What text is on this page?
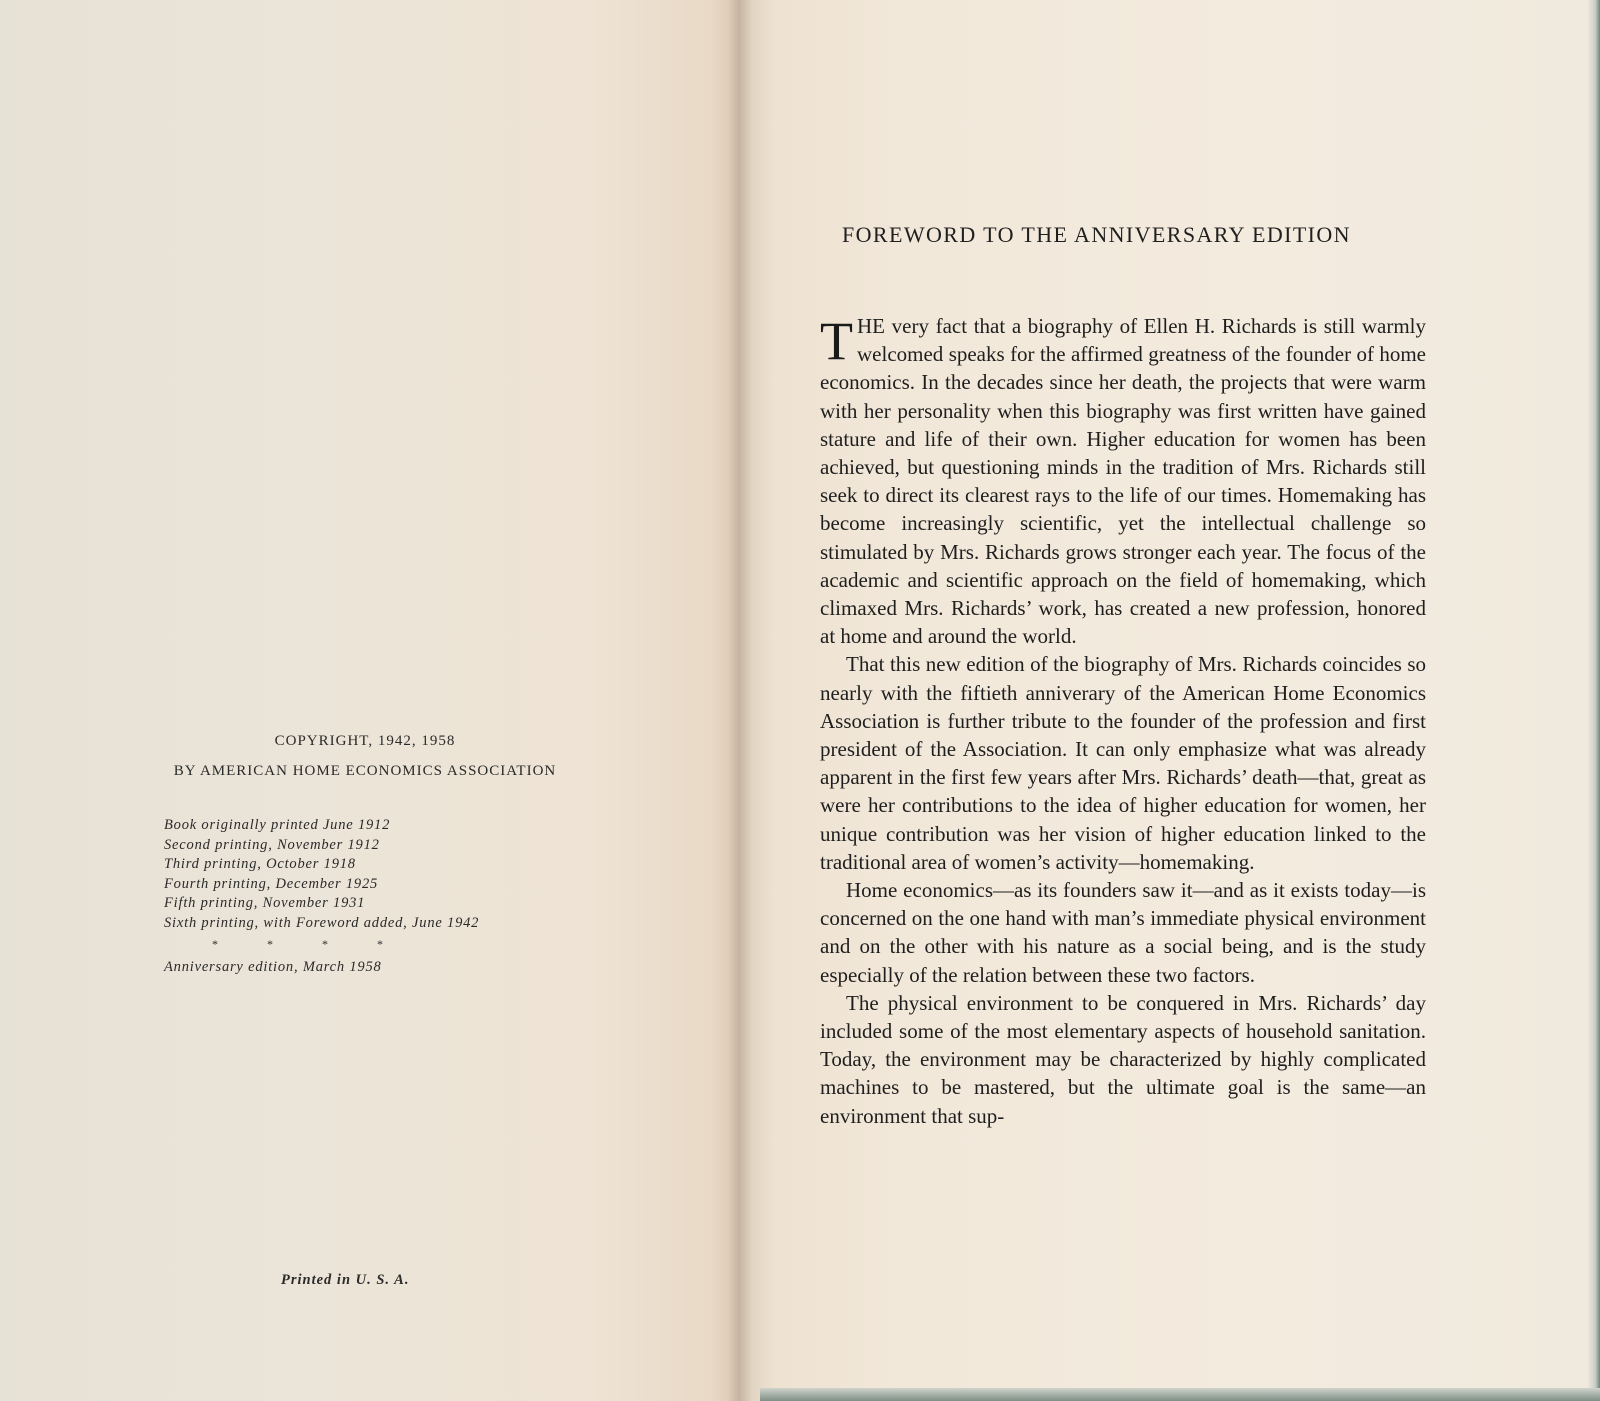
COPYRIGHT, 1942, 1958
BY AMERICAN HOME ECONOMICS ASSOCIATION
Book originally printed June 1912
Second printing, November 1912
Third printing, October 1918
Fourth printing, December 1925
Fifth printing, November 1931
Sixth printing, with Foreword added, June 1942
* * * *
Anniversary edition, March 1958
Printed in U. S. A.
FOREWORD TO THE ANNIVERSARY EDITION

THE very fact that a biography of Ellen H. Richards is still warmly welcomed speaks for the affirmed greatness of the founder of home economics. In the decades since her death, the projects that were warm with her personality when this biography was first written have gained stature and life of their own. Higher education for women has been achieved, but questioning minds in the tradition of Mrs. Richards still seek to direct its clearest rays to the life of our times. Homemaking has become increasingly scientific, yet the intellectual challenge so stimulated by Mrs. Richards grows stronger each year. The focus of the academic and scientific approach on the field of homemaking, which climaxed Mrs. Richards’ work, has created a new profession, honored at home and around the world.

That this new edition of the biography of Mrs. Richards coincides so nearly with the fiftieth anniverary of the American Home Economics Association is further tribute to the founder of the profession and first president of the Association. It can only emphasize what was already apparent in the first few years after Mrs. Richards’ death—that, great as were her contributions to the idea of higher education for women, her unique contribution was her vision of higher education linked to the traditional area of women’s activity—homemaking.

Home economics—as its founders saw it—and as it exists today—is concerned on the one hand with man’s immediate physical environment and on the other with his nature as a social being, and is the study especially of the relation between these two factors.

The physical environment to be conquered in Mrs. Richards’ day included some of the most elementary aspects of household sanitation. Today, the environment may be characterized by highly complicated machines to be mastered, but the ultimate goal is the same—an environment that sup-
